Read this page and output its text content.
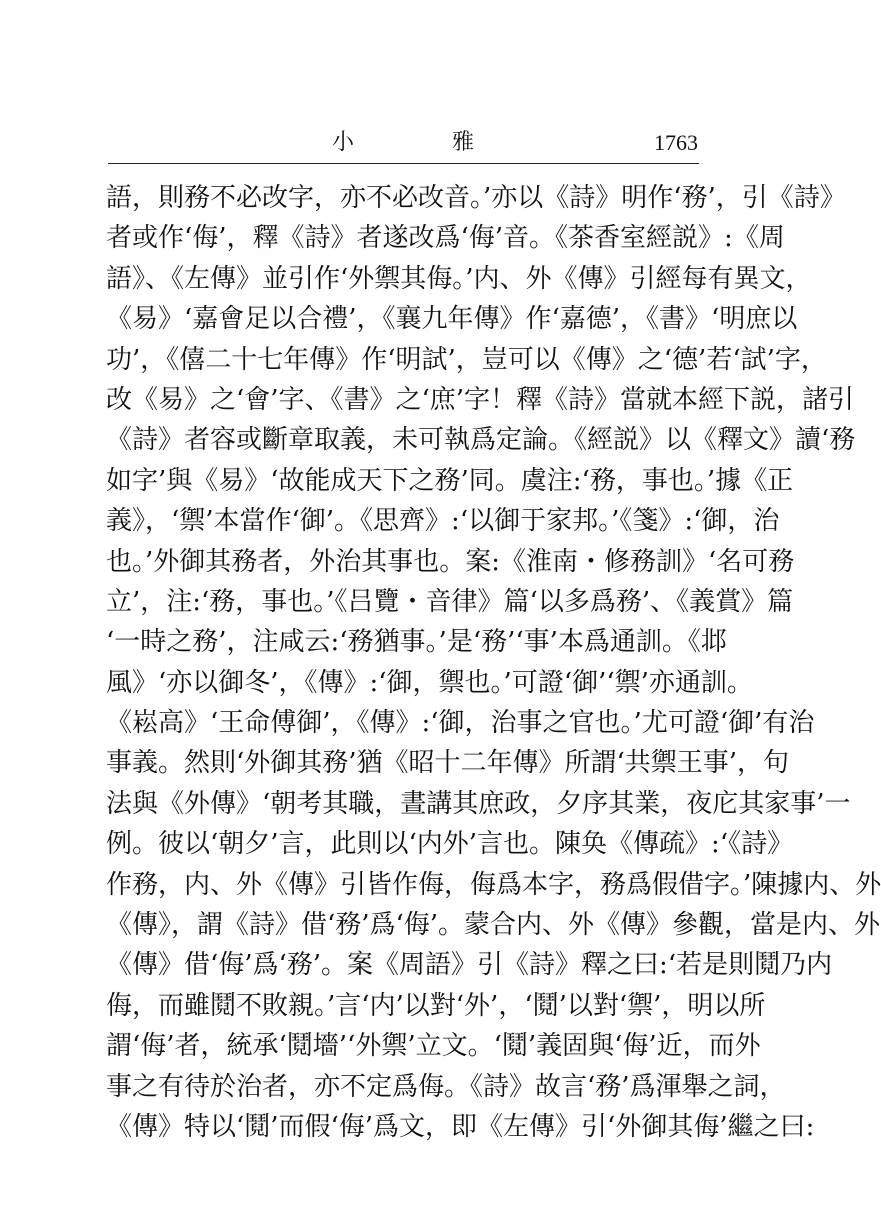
小　雅	1763
語，則務不必改字，亦不必改音。’亦以《詩》明作‘務’，引《詩》
者或作‘侮’，釋《詩》者遂改爲‘侮’音。《茶香室經説》:《周
語》、《左傳》並引作‘外禦其侮。’内、外《傳》引經每有異文，
《易》‘嘉會足以合禮’，《襄九年傳》作‘嘉德’，《書》‘明庶以
功’，《僖二十七年傳》作‘明試’，豈可以《傳》之‘德’若‘試’字，
改《易》之‘會’字、《書》之‘庶’字！釋《詩》當就本經下説，諸引
《詩》者容或斷章取義，未可執爲定論。《經説》以《釋文》讀‘務
如字’與《易》‘故能成天下之務’同。虞注:‘務，事也。’據《正
義》，‘禦’本當作‘御’。《思齊》:‘以御于家邦。’《箋》:‘御，治
也。’外御其務者，外治其事也。案:《淮南・修務訓》‘名可務
立’，注:‘務，事也。’《吕覽・音律》篇‘以多爲務’、《義賞》篇
‘一時之務’，注咸云:‘務猶事。’是‘務’‘事’本爲通訓。《邶
風》‘亦以御冬’，《傳》:‘御，禦也。’可證‘御’‘禦’亦通訓。
《崧高》‘王命傅御’，《傳》:‘御，治事之官也。’尤可證‘御’有治
事義。然則‘外御其務’猶《昭十二年傳》所謂‘共禦王事’，句
法與《外傳》‘朝考其職，晝講其庶政，夕序其業，夜庀其家事’一
例。彼以‘朝夕’言，此則以‘内外’言也。陳奂《傳疏》:‘《詩》
作務，内、外《傳》引皆作侮，侮爲本字，務爲假借字。’陳據内、外
《傳》，謂《詩》借‘務’爲‘侮’。蒙合内、外《傳》參觀，當是内、外
《傳》借‘侮’爲‘務’。案《周語》引《詩》釋之曰:‘若是則鬩乃内
侮，而雖鬩不敗親。’言‘内’以對‘外’，‘鬩’以對‘禦’，明以所
謂‘侮’者，統承‘鬩墻’‘外禦’立文。‘鬩’義固與‘侮’近，而外
事之有待於治者，亦不定爲侮。《詩》故言‘務’爲渾舉之詞，
《傳》特以‘鬩’而假‘侮’爲文，即《左傳》引‘外御其侮’繼之曰:
